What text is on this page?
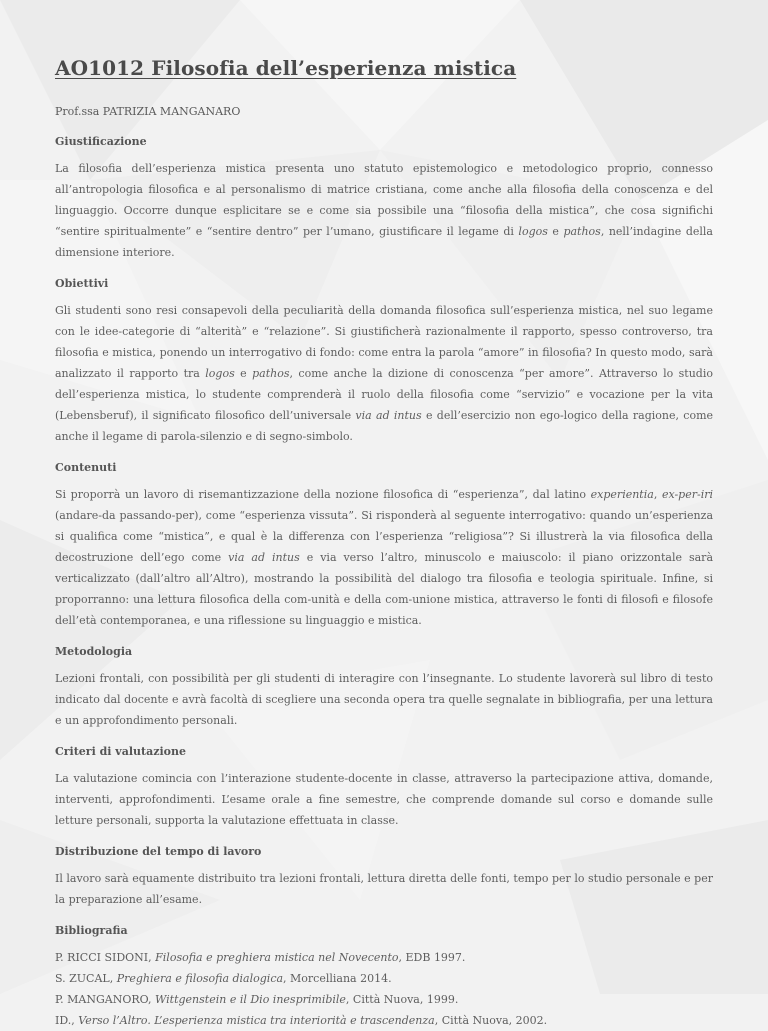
AO1012 Filosofia dell’esperienza mistica
Prof.ssa PATRIZIA MANGANARO
Giustificazione

La filosofia dell’esperienza mistica presenta uno statuto epistemologico e metodologico proprio, connesso all’antropologia filosofica e al personalismo di matrice cristiana, come anche alla filosofia della conoscenza e del linguaggio. Occorre dunque esplicitare se e come sia possibile una “filosofia della mistica”, che cosa significhi “sentire spiritualmente” e “sentire dentro” per l’umano, giustificare il legame di logos e pathos, nell’indagine della dimensione interiore.

Obiettivi

Gli studenti sono resi consapevoli della peculiarità della domanda filosofica sull’esperienza mistica, nel suo legame con le idee-categorie di “alterità” e “relazione”. Si giustificherà razionalmente il rapporto, spesso controverso, tra filosofia e mistica, ponendo un interrogativo di fondo: come entra la parola “amore” in filosofia? In questo modo, sarà analizzato il rapporto tra logos e pathos, come anche la dizione di conoscenza “per amore”. Attraverso lo studio dell’esperienza mistica, lo studente comprenderà il ruolo della filosofia come “servizio” e vocazione per la vita (Lebensberuf), il significato filosofico dell’universale via ad intus e dell’esercizio non ego-logico della ragione, come anche il legame di parola-silenzio e di segno-simbolo.

Contenuti

Si proporrà un lavoro di risemantizzazione della nozione filosofica di “esperienza”, dal latino experientia, ex-per-iri (andare-da passando-per), come “esperienza vissuta”. Si risponderà al seguente interrogativo: quando un’esperienza si qualifica come “mistica”, e qual è la differenza con l’esperienza “religiosa”? Si illustrerà la via filosofica della decostruzione dell’ego come via ad intus e via verso l’altro, minuscolo e maiuscolo: il piano orizzontale sarà verticalizzato (dall’altro all’Altro), mostrando la possibilità del dialogo tra filosofia e teologia spirituale. Infine, si proporranno: una lettura filosofica della com-unità e della com-unione mistica, attraverso le fonti di filosofi e filosofe dell’età contemporanea, e una riflessione su linguaggio e mistica.

Metodologia

Lezioni frontali, con possibilità per gli studenti di interagire con l’insegnante. Lo studente lavorerà sul libro di testo indicato dal docente e avrà facoltà di scegliere una seconda opera tra quelle segnalate in bibliografia, per una lettura e un approfondimento personali.

Criteri di valutazione

La valutazione comincia con l’interazione studente-docente in classe, attraverso la partecipazione attiva, domande, interventi, approfondimenti. L’esame orale a fine semestre, che comprende domande sul corso e domande sulle letture personali, supporta la valutazione effettuata in classe.

Distribuzione del tempo di lavoro

Il lavoro sarà equamente distribuito tra lezioni frontali, lettura diretta delle fonti, tempo per lo studio personale e per la preparazione all’esame.

Bibliografia
P. RICCI SIDONI, Filosofia e preghiera mistica nel Novecento, EDB 1997.
S. ZUCAL, Preghiera e filosofia dialogica, Morcelliana 2014.
P. MANGANORO, Wittgenstein e il Dio inesprimibile, Città Nuova, 1999.
ID., Verso l’Altro. L’esperienza mistica tra interiorità e trascendenza, Città Nuova, 2002.
